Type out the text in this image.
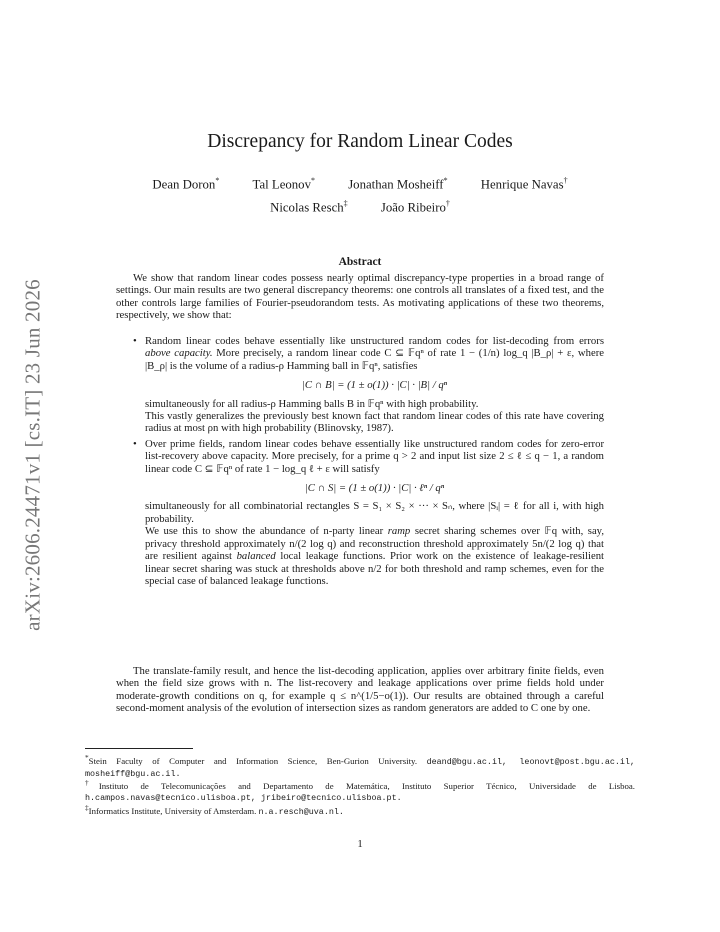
arXiv:2606.24471v1 [cs.IT] 23 Jun 2026
Discrepancy for Random Linear Codes
Dean Doron*	Tal Leonov*	Jonathan Mosheiff*	Henrique Navas†
Nicolas Resch‡	João Ribeiro†
Abstract
We show that random linear codes possess nearly optimal discrepancy-type properties in a broad range of settings. Our main results are two general discrepancy theorems: one controls all translates of a fixed test, and the other controls large families of Fourier-pseudorandom tests. As motivating applications of these two theorems, respectively, we show that:
• Random linear codes behave essentially like unstructured random codes for list-decoding from errors above capacity. More precisely, a random linear code C ⊆ 𝔽qⁿ of rate 1 − (1/n) log_q |B_ρ| + ε, where |B_ρ| is the volume of a radius-ρ Hamming ball in 𝔽qⁿ, satisfies
|C ∩ B| = (1 ± o(1)) · |C| · |B| / qⁿ
simultaneously for all radius-ρ Hamming balls B in 𝔽qⁿ with high probability.
This vastly generalizes the previously best known fact that random linear codes of this rate have covering radius at most ρn with high probability (Blinovsky, 1987).
• Over prime fields, random linear codes behave essentially like unstructured random codes for zero-error list-recovery above capacity. More precisely, for a prime q > 2 and input list size 2 ≤ ℓ ≤ q − 1, a random linear code C ⊆ 𝔽qⁿ of rate 1 − log_q ℓ + ε will satisfy
|C ∩ S| = (1 ± o(1)) · |C| · ℓⁿ / qⁿ
simultaneously for all combinatorial rectangles S = S₁ × S₂ × ··· × Sₙ, where |Sᵢ| = ℓ for all i, with high probability.
We use this to show the abundance of n-party linear ramp secret sharing schemes over 𝔽q with, say, privacy threshold approximately n/(2 log q) and reconstruction threshold approximately 5n/(2 log q) that are resilient against balanced local leakage functions. Prior work on the existence of leakage-resilient linear secret sharing was stuck at thresholds above n/2 for both threshold and ramp schemes, even for the special case of balanced leakage functions.
The translate-family result, and hence the list-decoding application, applies over arbitrary finite fields, even when the field size grows with n. The list-recovery and leakage applications over prime fields hold under moderate-growth conditions on q, for example q ≤ n^(1/5−o(1)). Our results are obtained through a careful second-moment analysis of the evolution of intersection sizes as random generators are added to C one by one.
*Stein Faculty of Computer and Information Science, Ben-Gurion University. deand@bgu.ac.il, leonovt@post.bgu.ac.il, mosheiff@bgu.ac.il.
†Instituto de Telecomunicações and Departamento de Matemática, Instituto Superior Técnico, Universidade de Lisboa. h.campos.navas@tecnico.ulisboa.pt, jribeiro@tecnico.ulisboa.pt.
‡Informatics Institute, University of Amsterdam. n.a.resch@uva.nl.
1
